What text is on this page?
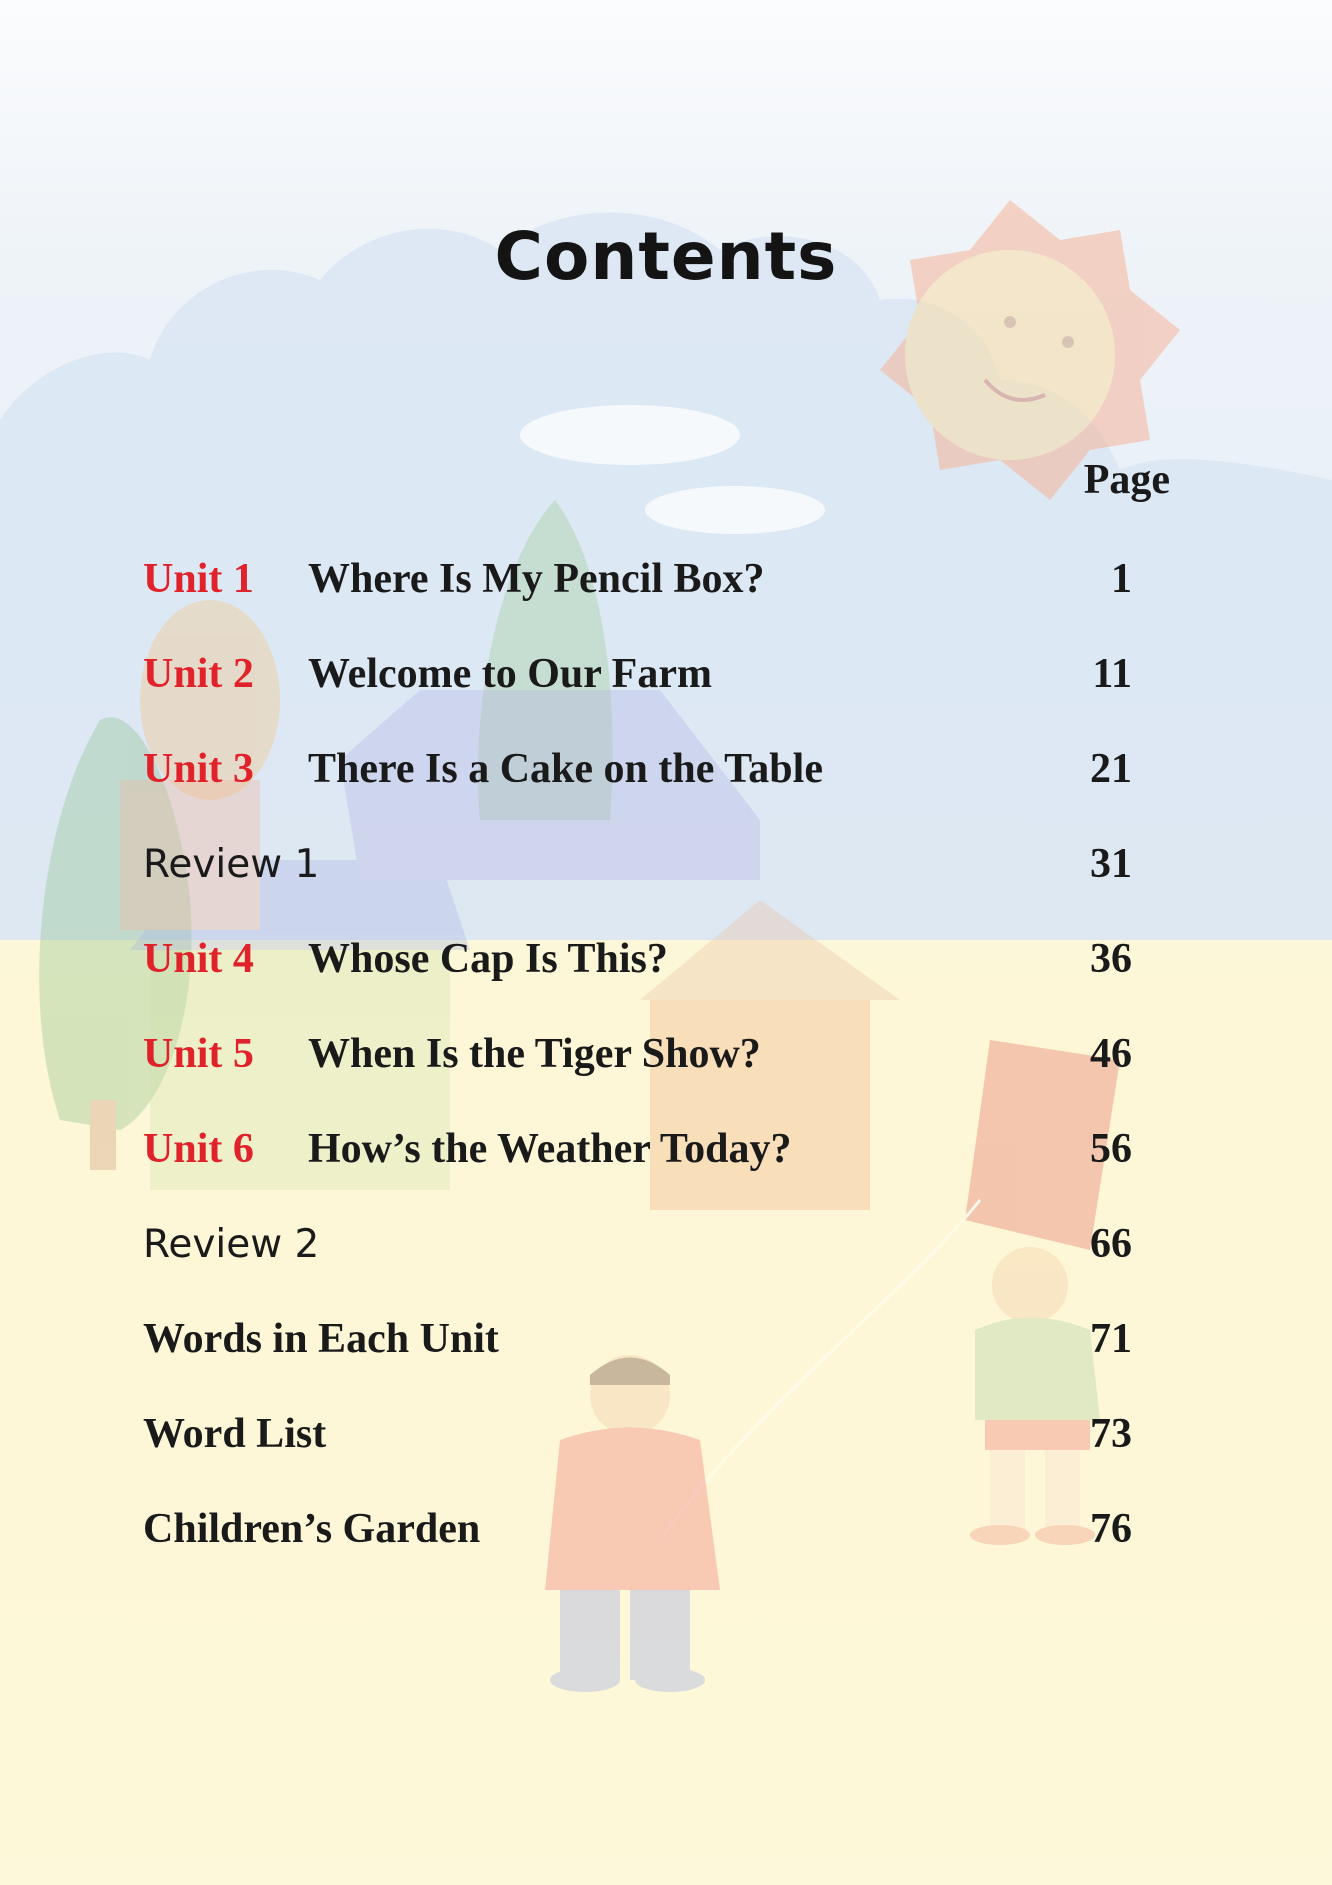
Contents
Page
Unit 1 Where Is My Pencil Box?	1
Unit 2 Welcome to Our Farm	11
Unit 3 There Is a Cake on the Table	21
Review 1	31
Unit 4 Whose Cap Is This?	36
Unit 5 When Is the Tiger Show?	46
Unit 6 How’s the Weather Today?	56
Review 2	66
Words in Each Unit	71
Word List	73
Children’s Garden	76
